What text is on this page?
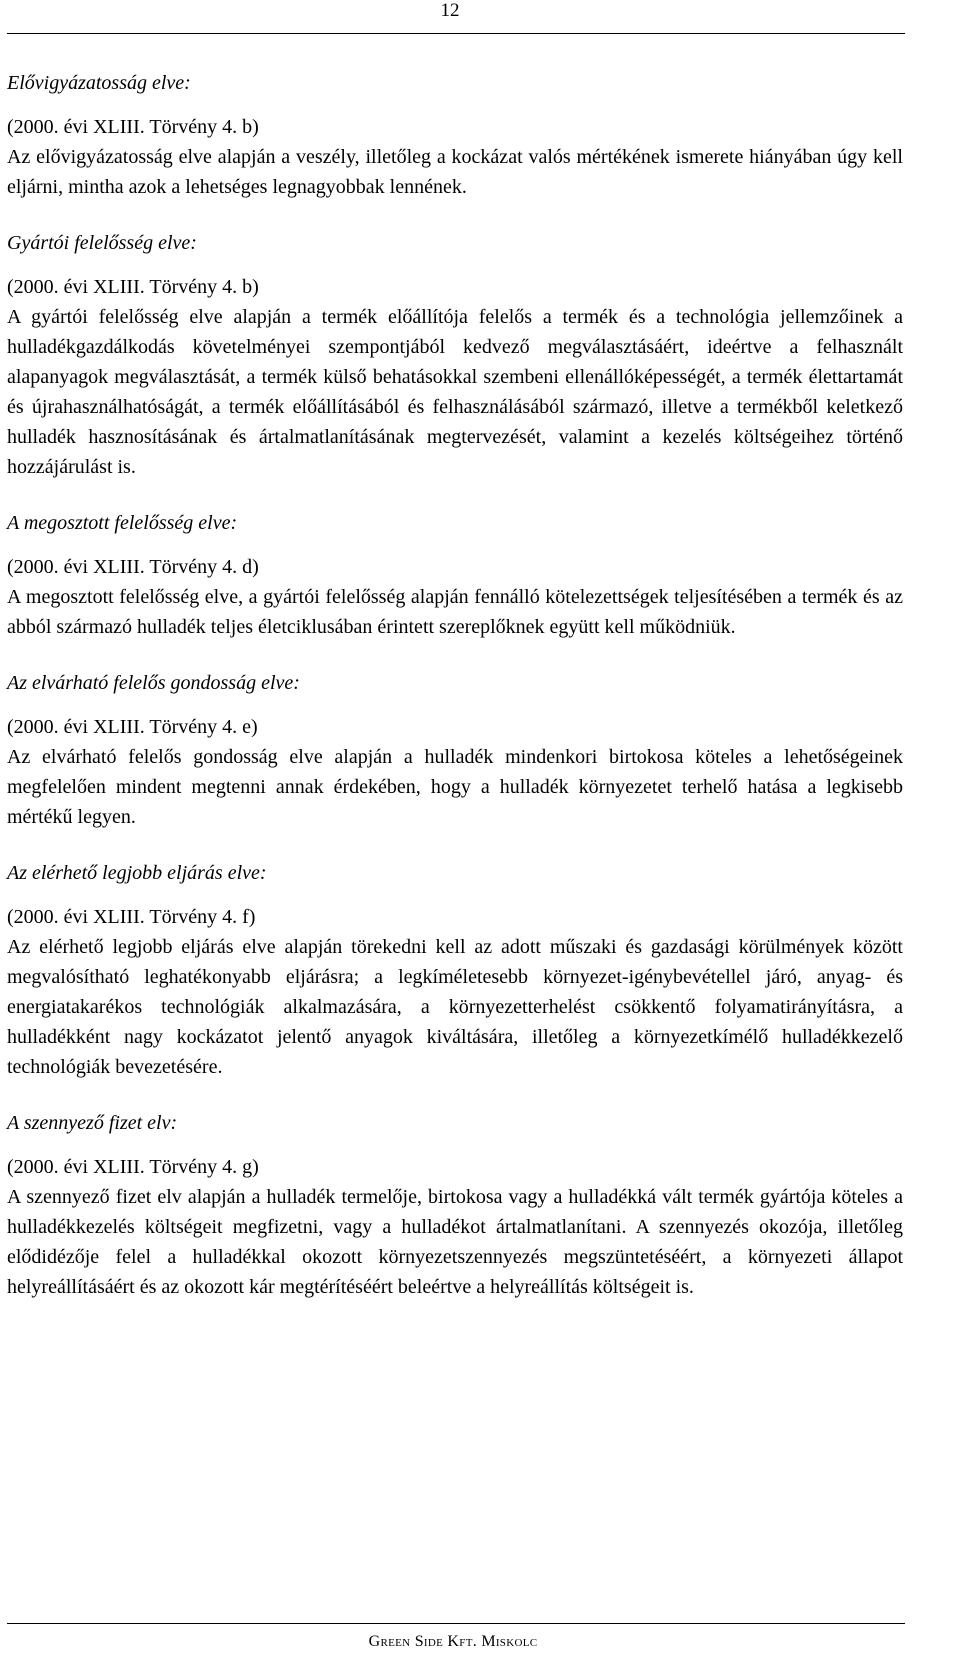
12
Elővigyázatosság elve:

(2000. évi XLIII. Törvény 4. b)

Az elővigyázatosság elve alapján a veszély, illetőleg a kockázat valós mértékének ismerete hiányában úgy kell eljárni, mintha azok a lehetséges legnagyobbak lennének.

Gyártói felelősség elve:

(2000. évi XLIII. Törvény 4. b)

A gyártói felelősség elve alapján a termék előállítója felelős a termék és a technológia jellemzőinek a hulladékgazdálkodás követelményei szempontjából kedvező megválasztásáért, ideértve a felhasznált alapanyagok megválasztását, a termék külső behatásokkal szembeni ellenállóképességét, a termék élettartamát és újrahasználhatóságát, a termék előállításából és felhasználásából származó, illetve a termékből keletkező hulladék hasznosításának és ártalmatlanításának megtervezését, valamint a kezelés költségeihez történő hozzájárulást is.

A megosztott felelősség elve:

(2000. évi XLIII. Törvény 4. d)

A megosztott felelősség elve, a gyártói felelősség alapján fennálló kötelezettségek teljesítésében a termék és az abból származó hulladék teljes életciklusában érintett szereplőknek együtt kell működniük.

Az elvárható felelős gondosság elve:

(2000. évi XLIII. Törvény 4. e)

Az elvárható felelős gondosság elve alapján a hulladék mindenkori birtokosa köteles a lehetőségeinek megfelelően mindent megtenni annak érdekében, hogy a hulladék környezetet terhelő hatása a legkisebb mértékű legyen.

Az elérhető legjobb eljárás elve:

(2000. évi XLIII. Törvény 4. f)

Az elérhető legjobb eljárás elve alapján törekedni kell az adott műszaki és gazdasági körülmények között megvalósítható leghatékonyabb eljárásra; a legkíméletesebb környezet-igénybevétellel járó, anyag- és energiatakarékos technológiák alkalmazására, a környezetterhelést csökkentő folyamatirányításra, a hulladékként nagy kockázatot jelentő anyagok kiváltására, illetőleg a környezetkímélő hulladékkezelő technológiák bevezetésére.

A szennyező fizet elv:

(2000. évi XLIII. Törvény 4. g)

A szennyező fizet elv alapján a hulladék termelője, birtokosa vagy a hulladékká vált termék gyártója köteles a hulladékkezelés költségeit megfizetni, vagy a hulladékot ártalmatlanítani. A szennyezés okozója, illetőleg elődidézője felel a hulladékkal okozott környezetszennyezés megszüntetéséért, a környezeti állapot helyreállításáért és az okozott kár megtérítéséért beleértve a helyreállítás költségeit is.

Green Side Kft. Miskolc
